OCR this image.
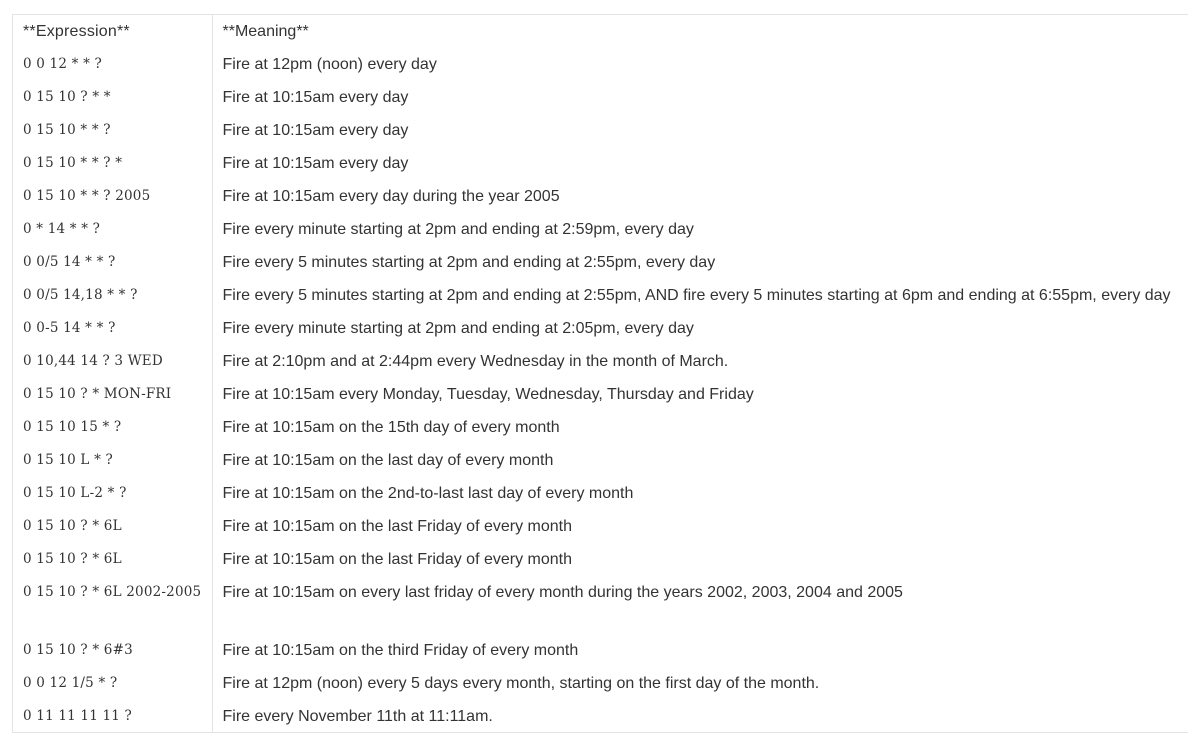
**Expression**	**Meaning**
0 0 12 * * ?	Fire at 12pm (noon) every day
0 15 10 ? * *	Fire at 10:15am every day
0 15 10 * * ?	Fire at 10:15am every day
0 15 10 * * ? *	Fire at 10:15am every day
0 15 10 * * ? 2005	Fire at 10:15am every day during the year 2005
0 * 14 * * ?	Fire every minute starting at 2pm and ending at 2:59pm, every day
0 0/5 14 * * ?	Fire every 5 minutes starting at 2pm and ending at 2:55pm, every day
0 0/5 14,18 * * ?	Fire every 5 minutes starting at 2pm and ending at 2:55pm, AND fire every 5 minutes starting at 6pm and ending at 6:55pm, every day
0 0-5 14 * * ?	Fire every minute starting at 2pm and ending at 2:05pm, every day
0 10,44 14 ? 3 WED	Fire at 2:10pm and at 2:44pm every Wednesday in the month of March.
0 15 10 ? * MON-FRI	Fire at 10:15am every Monday, Tuesday, Wednesday, Thursday and Friday
0 15 10 15 * ?	Fire at 10:15am on the 15th day of every month
0 15 10 L * ?	Fire at 10:15am on the last day of every month
0 15 10 L-2 * ?	Fire at 10:15am on the 2nd-to-last last day of every month
0 15 10 ? * 6L	Fire at 10:15am on the last Friday of every month
0 15 10 ? * 6L	Fire at 10:15am on the last Friday of every month
0 15 10 ? * 6L 2002-2005	Fire at 10:15am on every last friday of every month during the years 2002, 2003, 2004 and 2005
0 15 10 ? * 6#3	Fire at 10:15am on the third Friday of every month
0 0 12 1/5 * ?	Fire at 12pm (noon) every 5 days every month, starting on the first day of the month.
0 11 11 11 11 ?	Fire every November 11th at 11:11am.
